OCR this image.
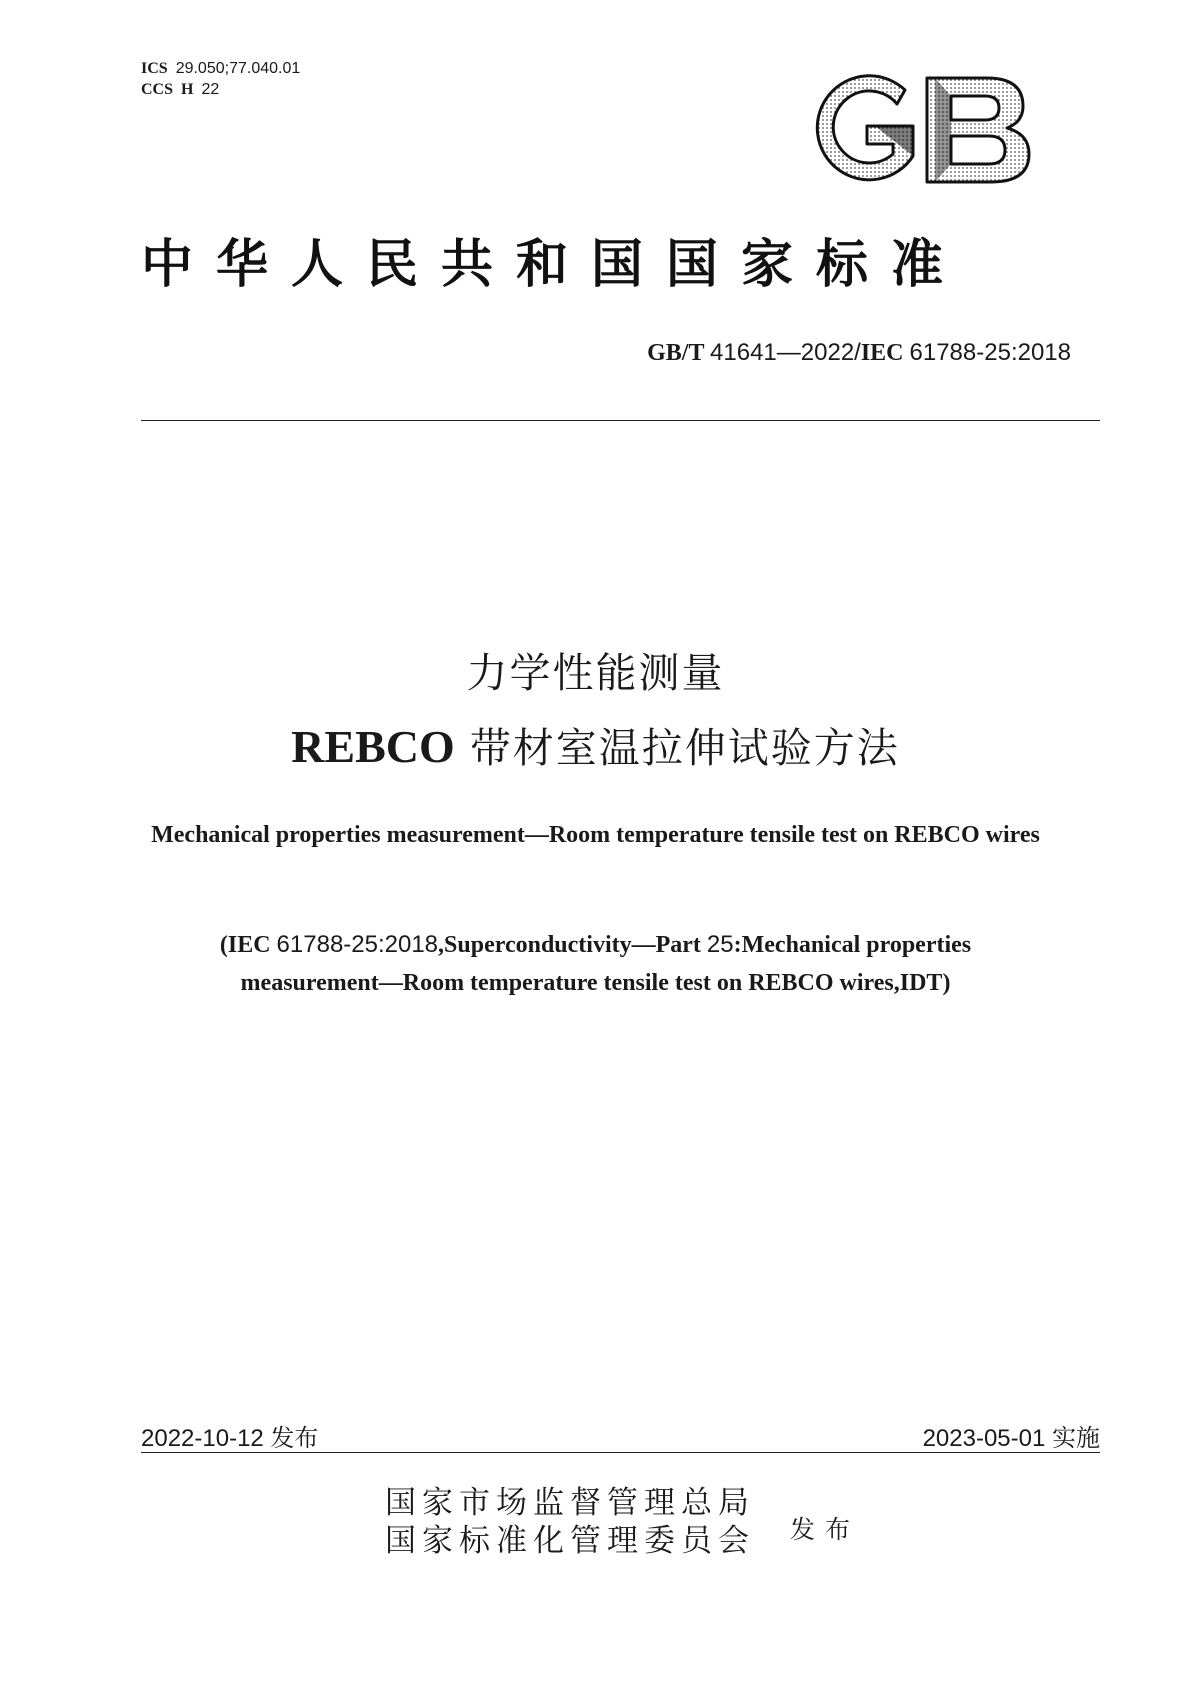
ICS 29.050;77.040.01
CCS H 22
中华人民共和国国家标准
GB/T 41641—2022/IEC 61788-25:2018
力学性能测量
REBCO 带材室温拉伸试验方法
Mechanical properties measurement—Room temperature tensile test on REBCO wires
(IEC 61788-25:2018,Superconductivity—Part 25:Mechanical properties
measurement—Room temperature tensile test on REBCO wires,IDT)
2022-10-12 发布	2023-05-01 实施
国家市场监督管理总局
国家标准化管理委员会 发布
